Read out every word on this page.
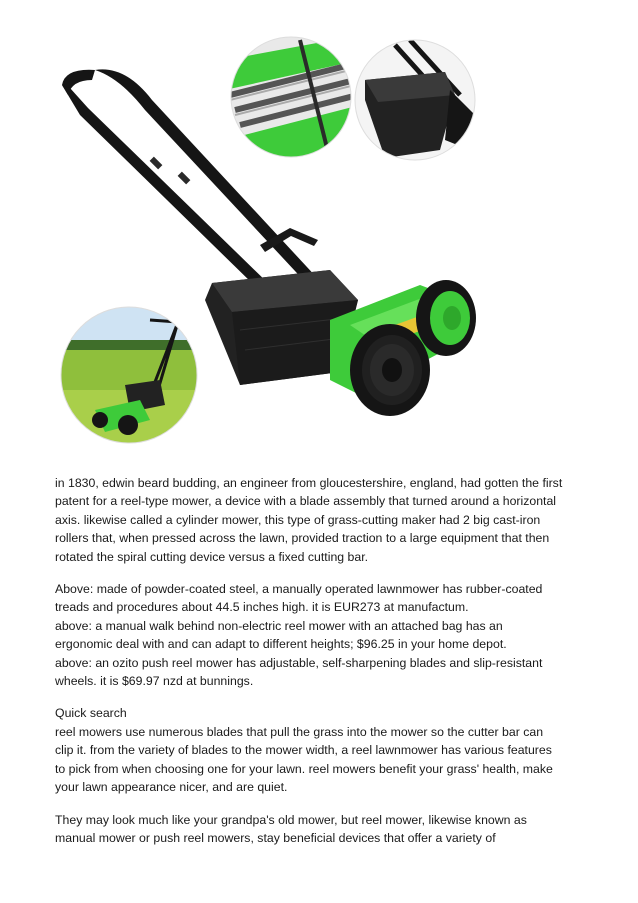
in 1830, edwin beard budding, an engineer from gloucestershire, england, had gotten the first
patent for a reel-type mower, a device with a blade assembly that turned around a horizontal
axis. likewise called a cylinder mower, this type of grass-cutting maker had 2 big cast-iron
rollers that, when pressed across the lawn, provided traction to a large equipment that then
rotated the spiral cutting device versus a fixed cutting bar.

Above: made of powder-coated steel, a manually operated lawnmower has rubber-coated
treads and procedures about 44.5 inches high. it is EUR273 at manufactum.
above: a manual walk behind non-electric reel mower with an attached bag has an
ergonomic deal with and can adapt to different heights; $96.25 in your home depot.
above: an ozito push reel mower has adjustable, self-sharpening blades and slip-resistant
wheels. it is $69.97 nzd at bunnings.

Quick search
reel mowers use numerous blades that pull the grass into the mower so the cutter bar can
clip it. from the variety of blades to the mower width, a reel lawnmower has various features
to pick from when choosing one for your lawn. reel mowers benefit your grass' health, make
your lawn appearance nicer, and are quiet.

They may look much like your grandpa's old mower, but reel mower, likewise known as
manual mower or push reel mowers, stay beneficial devices that offer a variety of
